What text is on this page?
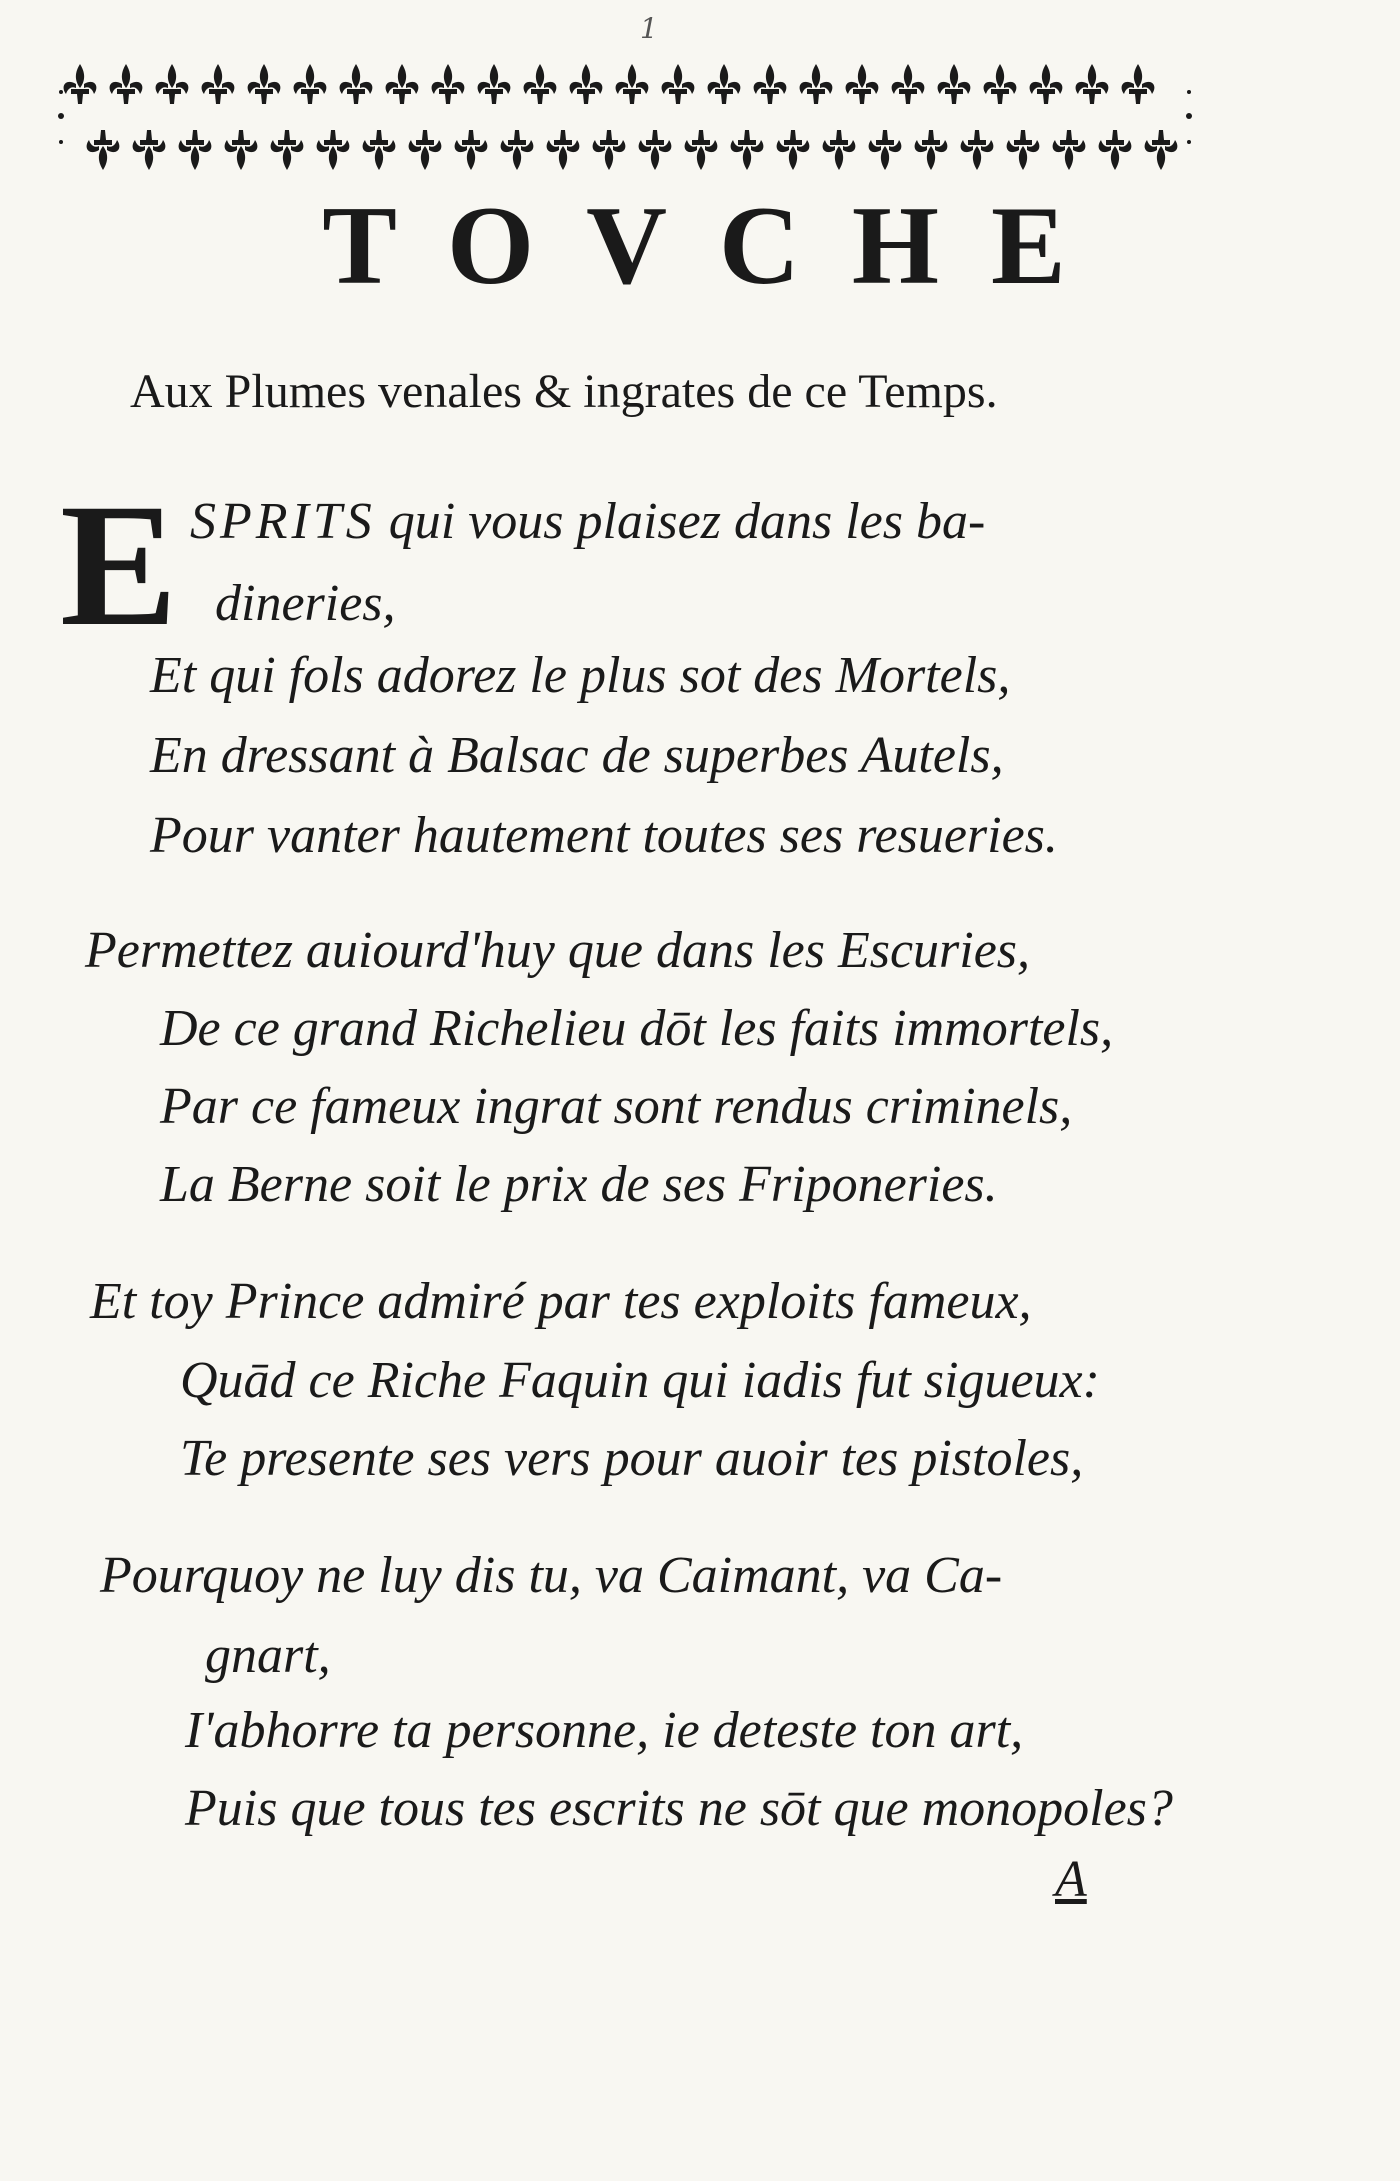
1
TOVCHE
Aux Plumes venales & ingrates de ce Temps.
E SPRITS qui vous plaisez dans les ba-
dineries,
Et qui fols adorez le plus sot des Mortels,
En dressant à Balsac de superbes Autels,
Pour vanter hautement toutes ses resueries.
Permettez auiourd'huy que dans les Escuries,
De ce grand Richelieu dōt les faits immortels,
Par ce fameux ingrat sont rendus criminels,
La Berne soit le prix de ses Friponeries.
Et toy Prince admiré par tes exploits fameux,
Quād ce Riche Faquin qui iadis fut sigueux:
Te presente ses vers pour auoir tes pistoles,
Pourquoy ne luy dis tu, va Caimant, va Ca-
gnart,
I'abhorre ta personne, ie deteste ton art,
Puis que tous tes escrits ne sōt que monopoles?
A
